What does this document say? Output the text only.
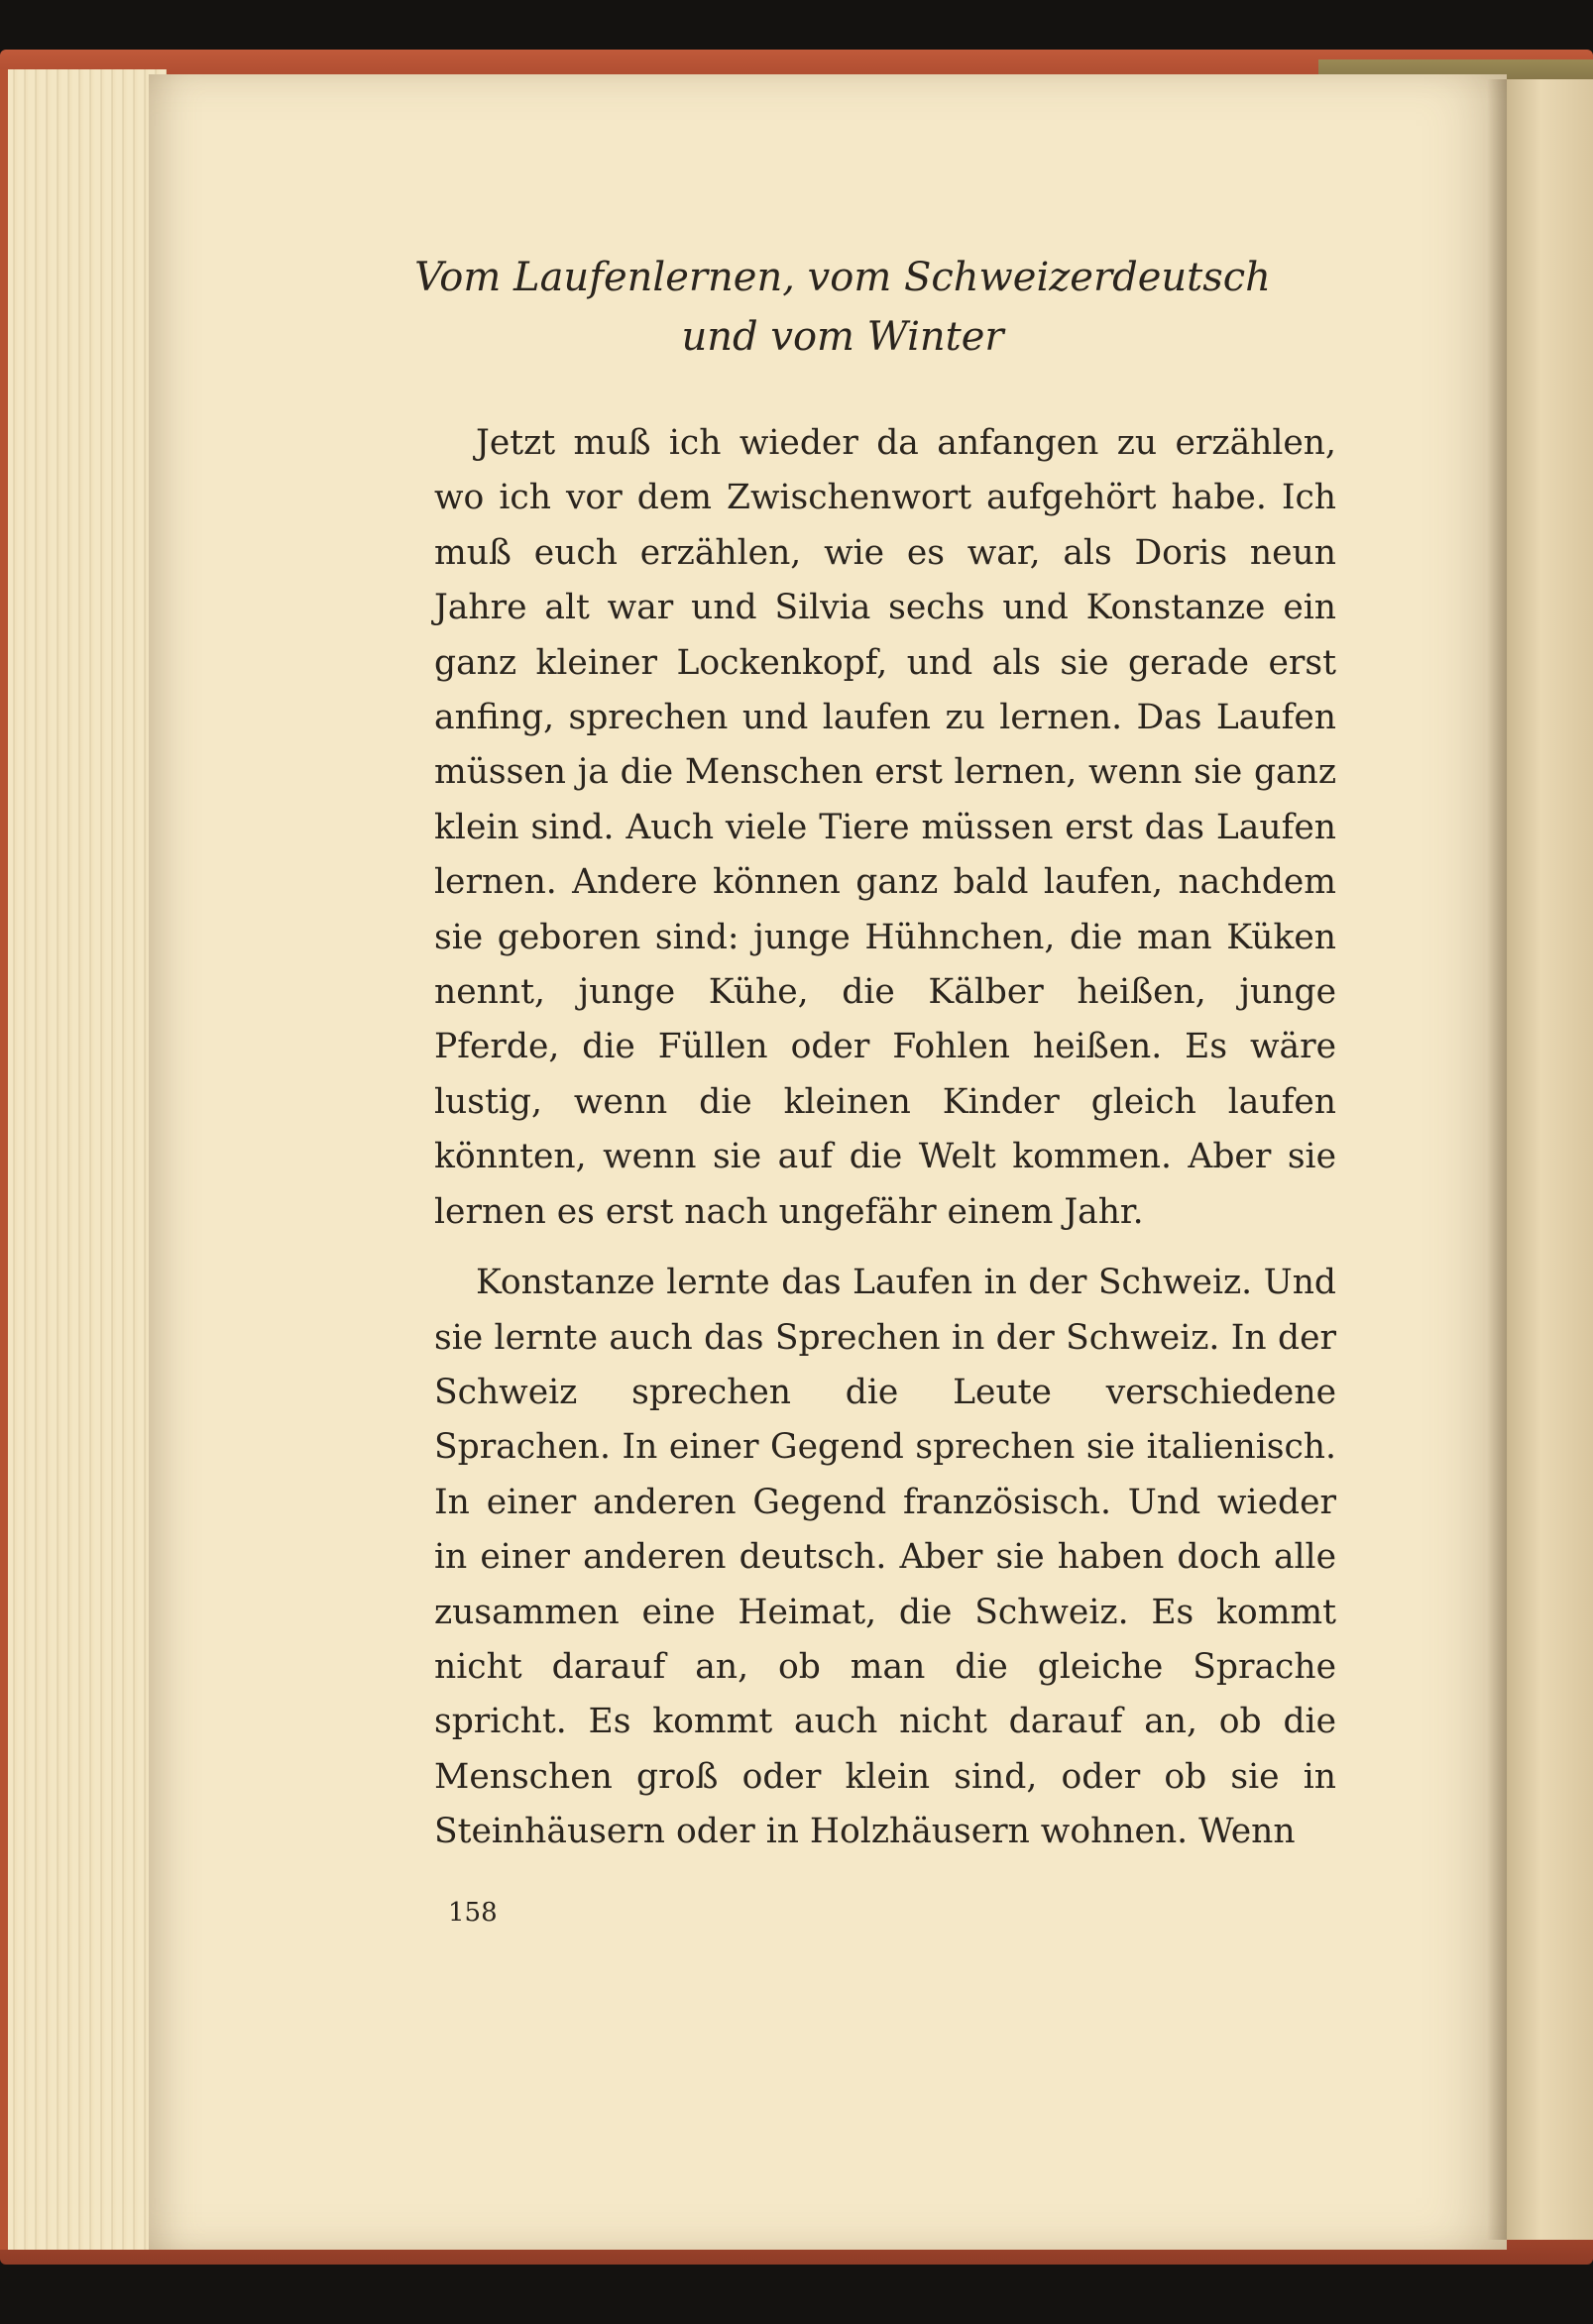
Vom Laufenlernen, vom Schweizerdeutsch
und vom Winter

Jetzt muß ich wieder da anfangen zu erzählen, wo ich vor dem Zwischenwort aufgehört habe. Ich muß euch erzählen, wie es war, als Doris neun Jahre alt war und Silvia sechs und Konstanze ein ganz kleiner Lockenkopf, und als sie gerade erst anfing, sprechen und laufen zu lernen. Das Laufen müssen ja die Menschen erst lernen, wenn sie ganz klein sind. Auch viele Tiere müssen erst das Laufen lernen. Andere können ganz bald laufen, nachdem sie geboren sind: junge Hühnchen, die man Küken nennt, junge Kühe, die Kälber heißen, junge Pferde, die Füllen oder Fohlen heißen. Es wäre lustig, wenn die kleinen Kinder gleich laufen könnten, wenn sie auf die Welt kommen. Aber sie lernen es erst nach ungefähr einem Jahr.

Konstanze lernte das Laufen in der Schweiz. Und sie lernte auch das Sprechen in der Schweiz. In der Schweiz sprechen die Leute verschiedene Sprachen. In einer Gegend sprechen sie italienisch. In einer anderen Gegend französisch. Und wieder in einer anderen deutsch. Aber sie haben doch alle zusammen eine Heimat, die Schweiz. Es kommt nicht darauf an, ob man die gleiche Sprache spricht. Es kommt auch nicht darauf an, ob die Menschen groß oder klein sind, oder ob sie in Steinhäusern oder in Holzhäusern wohnen. Wenn

158
